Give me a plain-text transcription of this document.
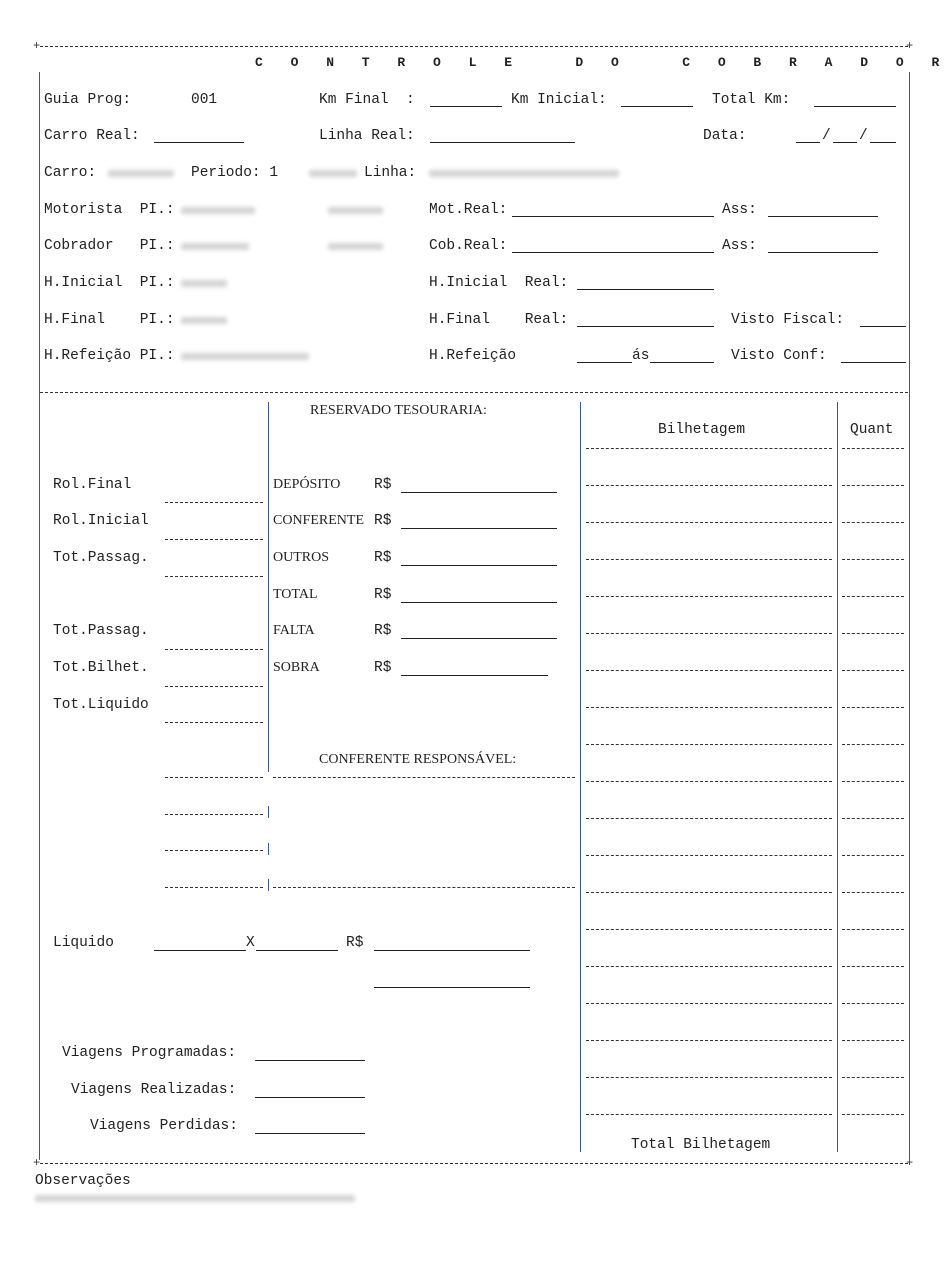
+	+
+	+
C O N T R O L E   D O   C O B R A D O R
Guia Prog:	001	Km Final  :	Km Inicial:	Total Km:
Carro Real:	Linha Real:	Data:	/ /
Carro:	Periodo: 1	Linha:
Motorista  PI.:	Mot.Real:	Ass:
Cobrador   PI.:	Cob.Real:	Ass:
H.Inicial  PI.:	H.Inicial  Real:
H.Final    PI.:	H.Final    Real:	Visto Fiscal:
H.Refeição PI.:	H.Refeição	ás	Visto Conf:
Rol.Final
Rol.Inicial
Tot.Passag.
Tot.Passag.
Tot.Bilhet.
Tot.Liquido
Liquido	X	R$
Viagens Programadas:
Viagens Realizadas:
Viagens Perdidas:
RESERVADO TESOURARIA:
DEPÓSITO R$
CONFERENTE R$
OUTROS	R$
TOTAL	R$
FALTA	R$
SOBRA	R$
CONFERENTE RESPONSÁVEL:
Bilhetagem	Quant
Total Bilhetagem
Observações
